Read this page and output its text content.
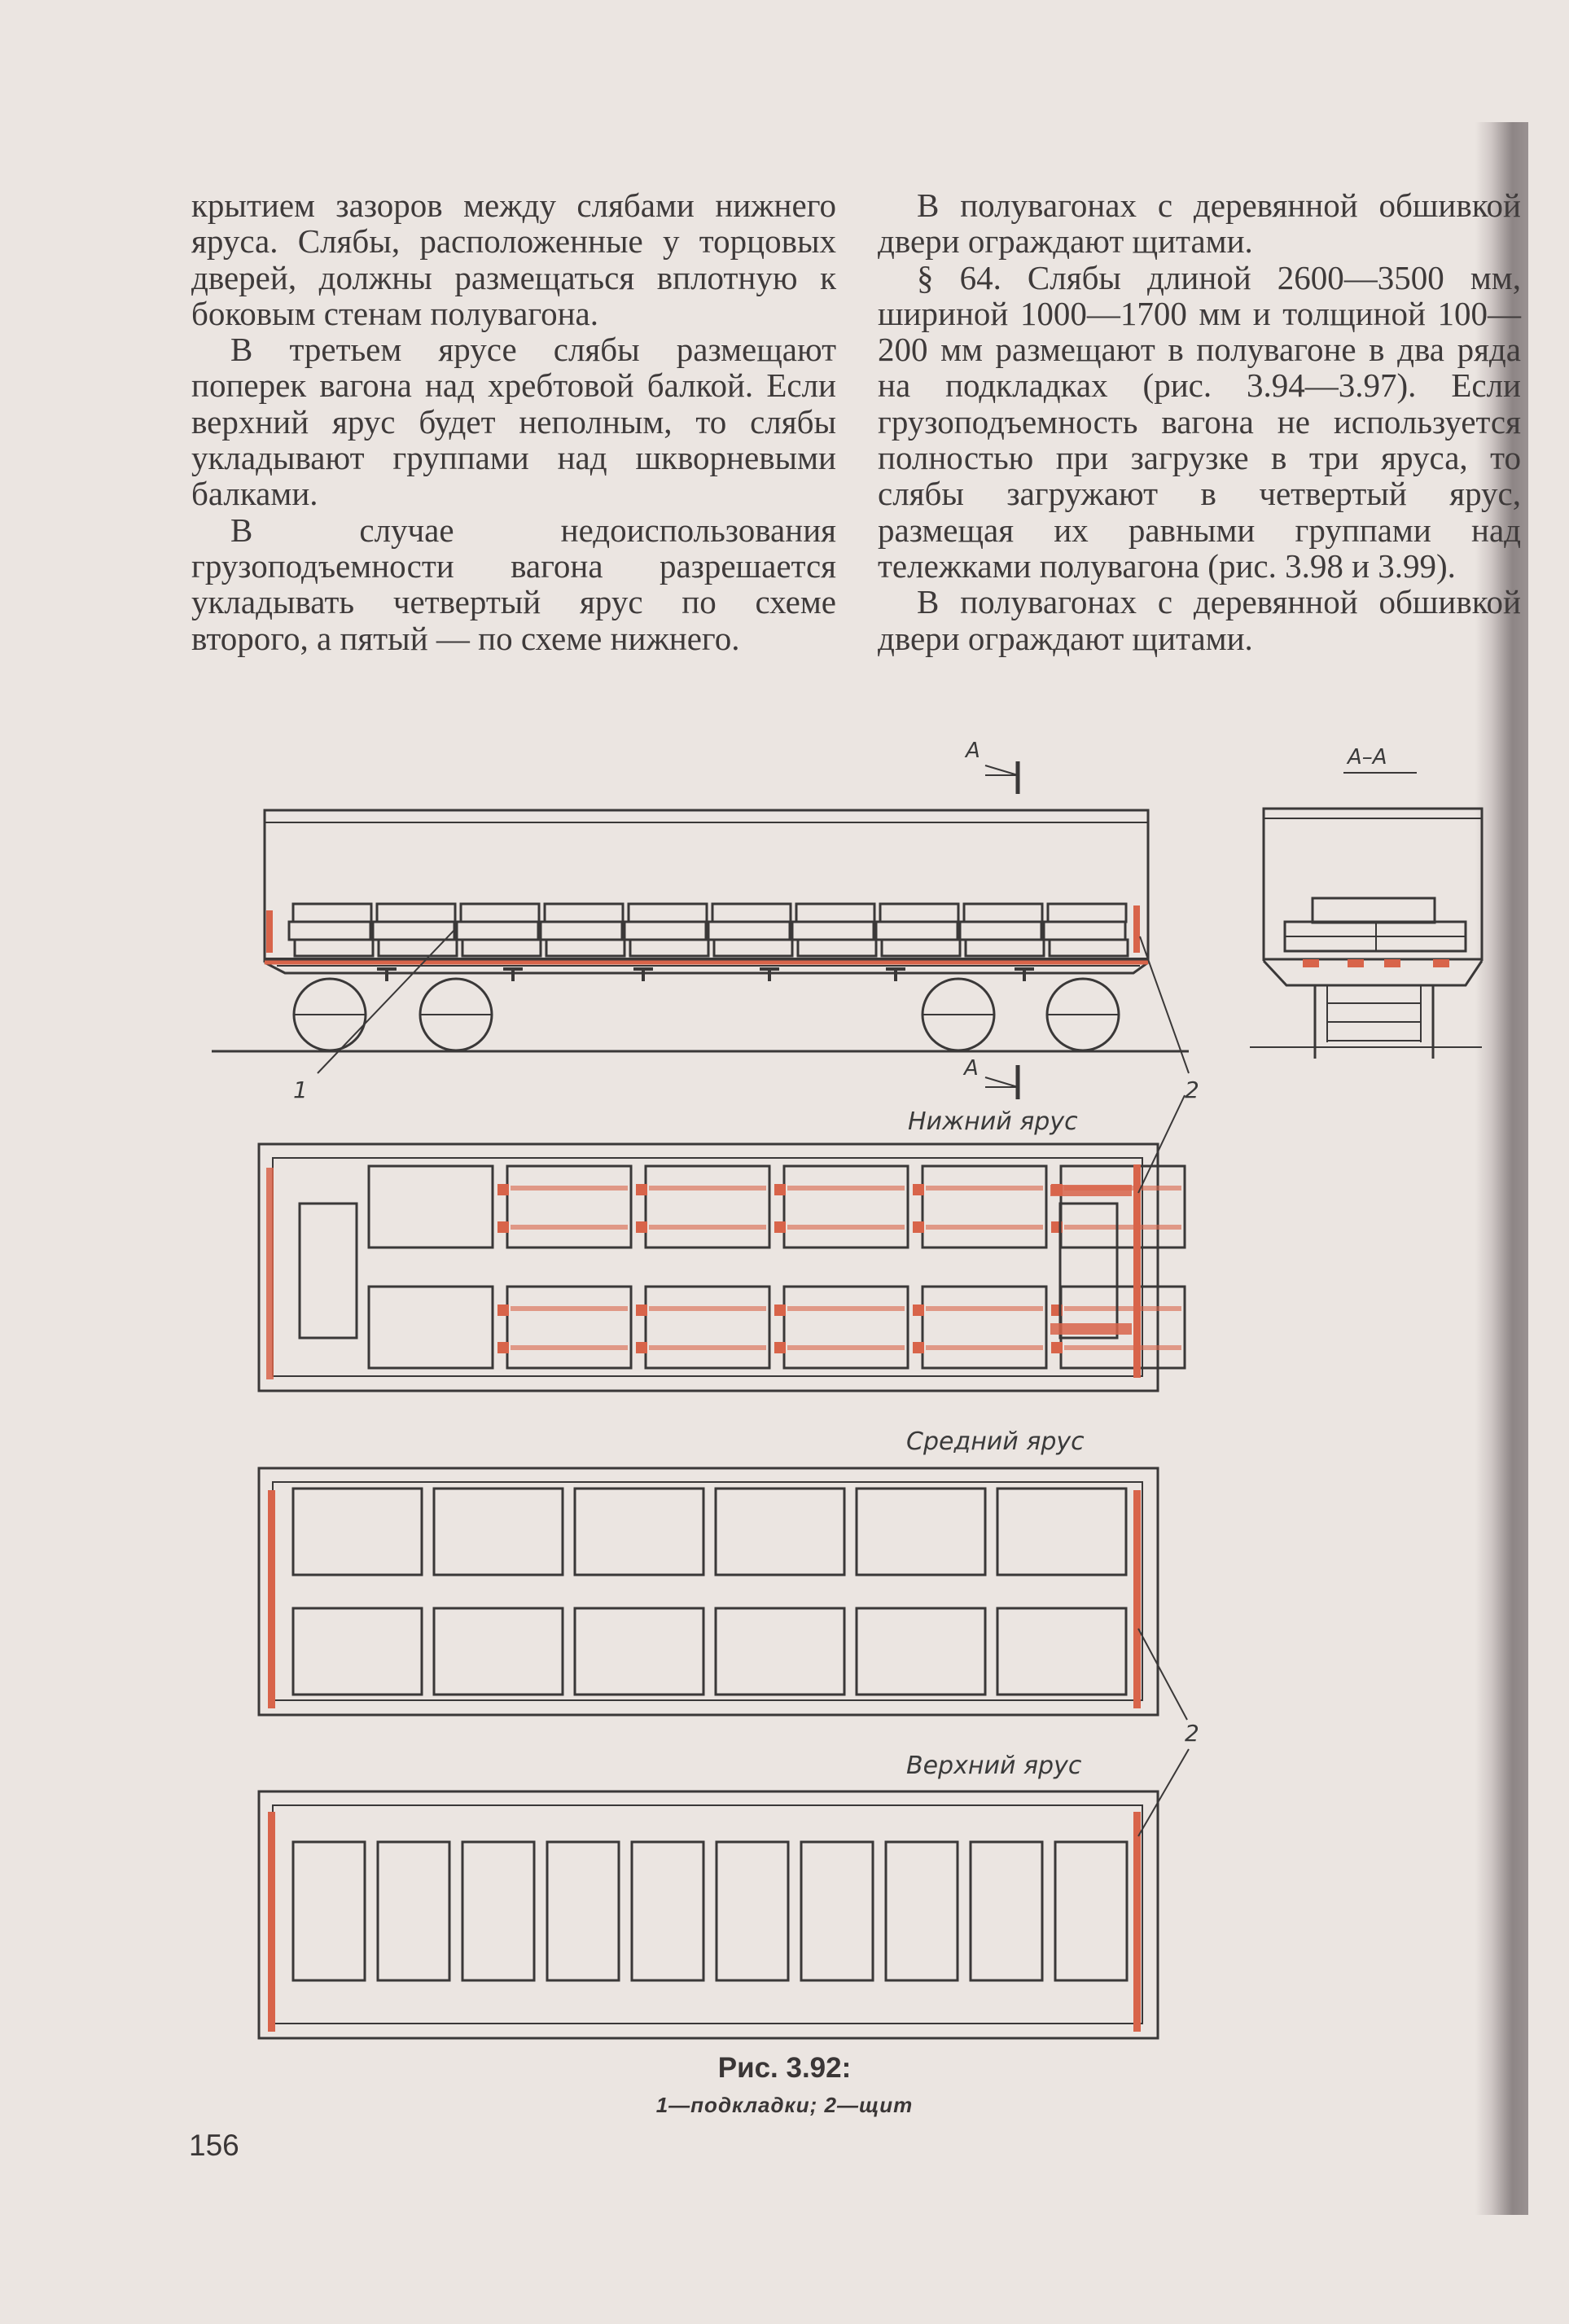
крытием зазоров между слябами нижнего яруса. Слябы, расположенные у торцовых дверей, должны размещаться вплотную к боковым стенам полувагона.

В третьем ярусе слябы размещают поперек вагона над хребтовой балкой. Если верхний ярус будет неполным, то слябы укладывают группами над шкворневыми балками.

В случае недоиспользования грузоподъемности вагона разрешается укладывать четвертый ярус по схеме второго, а пятый — по схеме нижнего.

В полувагонах с деревянной обшивкой двери ограждают щитами.

§ 64. Слябы длиной 2600—3500 мм, шириной 1000—1700 мм и толщиной 100—200 мм размещают в полувагоне в два ряда на подкладках (рис. 3.94—3.97). Если грузоподъемность вагона не используется полностью при загрузке в три яруса, то слябы загружают в четвертый ярус, размещая их равными группами над тележками полувагона (рис. 3.98 и 3.99).

В полувагонах с деревянной обшивкой двери ограждают щитами.

А
А
А–А
1	2
2
Нижний ярус
Средний ярус
Верхний ярус
Рис. 3.92:
1—подкладки; 2—щит
156
